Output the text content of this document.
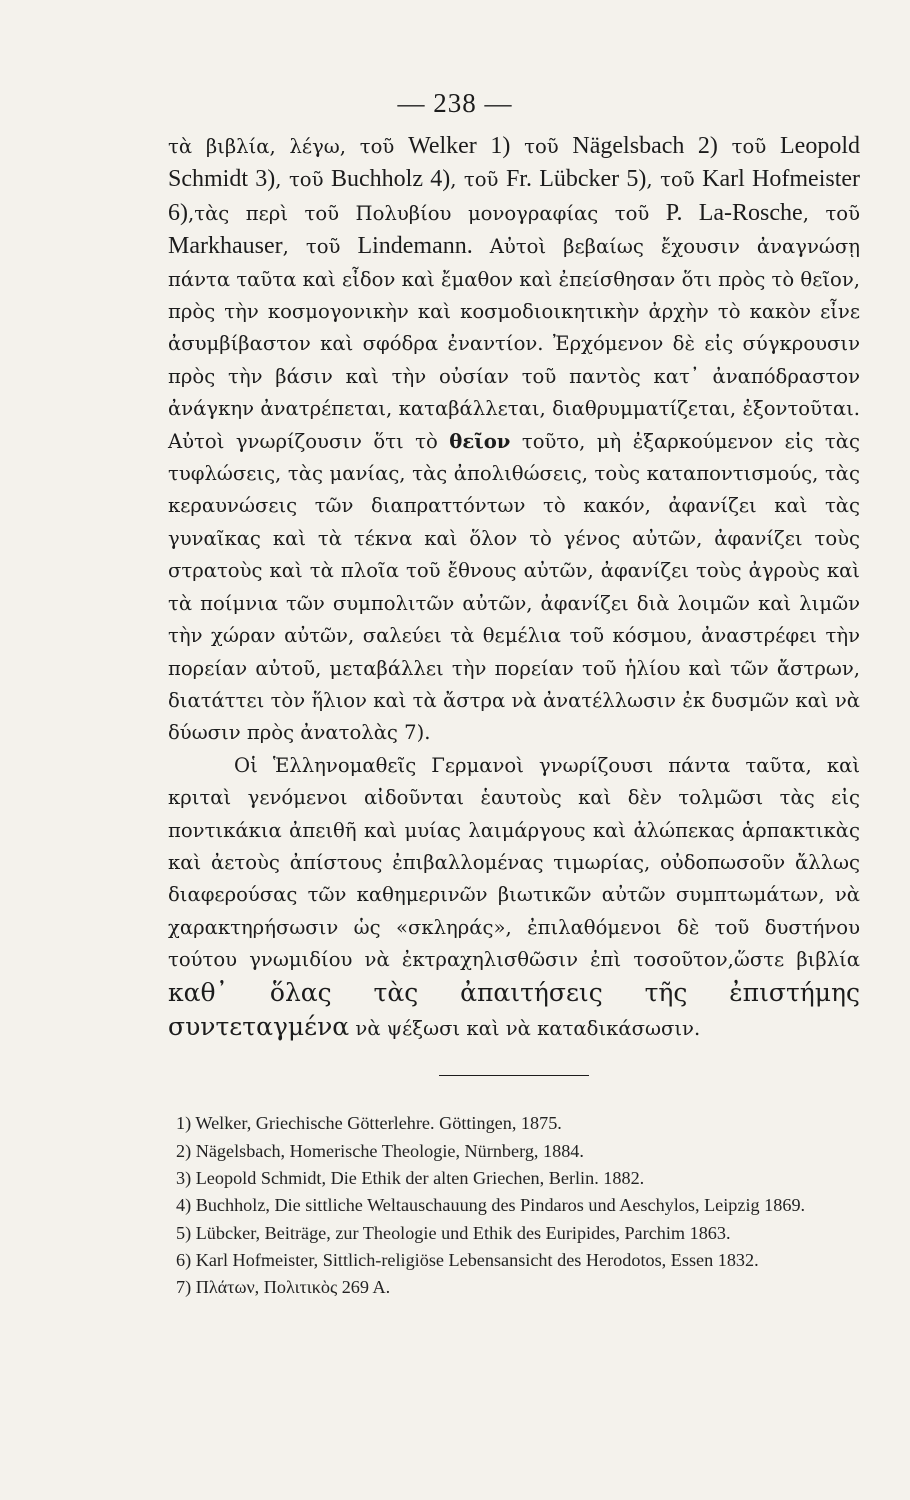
— 238 —

τὰ βιβλία, λέγω, τοῦ Welker 1) τοῦ Nägelsbach 2) τοῦ Leopold Schmidt 3), τοῦ Buchholz 4), τοῦ Fr. Lübcker 5), τοῦ Karl Hofmeister 6),τὰς περὶ τοῦ Πολυβίου μονογραφίας τοῦ P. La-Rosche, τοῦ Markhauser, τοῦ Lindemann. Αὐτοὶ βεβαίως ἔχουσιν ἀναγνώσῃ πάντα ταῦτα καὶ εἶδον καὶ ἔμαθον καὶ ἐπείσθησαν ὅτι πρὸς τὸ θεῖον, πρὸς τὴν κοσμογονικὴν καὶ κοσμοδιοικητικὴν ἀρχὴν τὸ κακὸν εἶνε ἀσυμβίβαστον καὶ σφόδρα ἐναντίον. Ἐρχόμενον δὲ εἰς σύγκρουσιν πρὸς τὴν βάσιν καὶ τὴν οὐσίαν τοῦ παντὸς κατ᾽ ἀναπόδραστον ἀνάγκην ἀνατρέπεται, καταβάλλεται, διαθρυμματίζεται, ἐξοντοῦται. Αὐτοὶ γνωρίζουσιν ὅτι τὸ θεῖον τοῦτο, μὴ ἐξαρκούμενον εἰς τὰς τυφλώσεις, τὰς μανίας, τὰς ἀπολιθώσεις, τοὺς καταποντισμούς, τὰς κεραυνώσεις τῶν διαπραττόντων τὸ κακόν, ἀφανίζει καὶ τὰς γυναῖκας καὶ τὰ τέκνα καὶ ὅλον τὸ γένος αὐτῶν, ἀφανίζει τοὺς στρατοὺς καὶ τὰ πλοῖα τοῦ ἔθνους αὐτῶν, ἀφανίζει τοὺς ἀγροὺς καὶ τὰ ποίμνια τῶν συμπολιτῶν αὐτῶν, ἀφανίζει διὰ λοιμῶν καὶ λιμῶν τὴν χώραν αὐτῶν, σαλεύει τὰ θεμέλια τοῦ κόσμου, ἀναστρέφει τὴν πορείαν αὐτοῦ, μεταβάλλει τὴν πορείαν τοῦ ἡλίου καὶ τῶν ἄστρων, διατάττει τὸν ἥλιον καὶ τὰ ἄστρα νὰ ἀνατέλλωσιν ἐκ δυσμῶν καὶ νὰ δύωσιν πρὸς ἀνατολὰς 7).

Οἱ Ἑλληνομαθεῖς Γερμανοὶ γνωρίζουσι πάντα ταῦτα, καὶ κριταὶ γενόμενοι αἰδοῦνται ἑαυτοὺς καὶ δὲν τολμῶσι τὰς εἰς ποντικάκια ἀπειθῆ καὶ μυίας λαιμάργους καὶ ἀλώπεκας ἁρπακτικὰς καὶ ἀετοὺς ἀπίστους ἐπιβαλλομένας τιμωρίας, οὐδοπωσοῦν ἄλλως διαφερούσας τῶν καθημερινῶν βιωτικῶν αὐτῶν συμπτωμάτων, νὰ χαρακτηρήσωσιν ὡς «σκληράς», ἐπιλαθόμενοι δὲ τοῦ δυστήνου τούτου γνωμιδίου νὰ ἐκτραχηλισθῶσιν ἐπὶ τοσοῦτον,ὥστε βιβλία καθ᾽ ὅλας τὰς ἀπαιτήσεις τῆς ἐπιστήμης συντεταγμένα νὰ ψέξωσι καὶ νὰ καταδικάσωσιν.

1) Welker, Griechische Götterlehre. Göttingen, 1875.

2) Nägelsbach, Homerische Theologie, Nürnberg, 1884.

3) Leopold Schmidt, Die Ethik der alten Griechen, Berlin. 1882.

4) Buchholz, Die sittliche Weltauschauung des Pindaros und Aeschylos, Leipzig 1869.

5) Lübcker, Beiträge, zur Theologie und Ethik des Euripides, Parchim 1863.

6) Karl Hofmeister, Sittlich-religiöse Lebensansicht des Herodotos, Essen 1832.

7) Πλάτων, Πολιτικὸς 269 Α.
